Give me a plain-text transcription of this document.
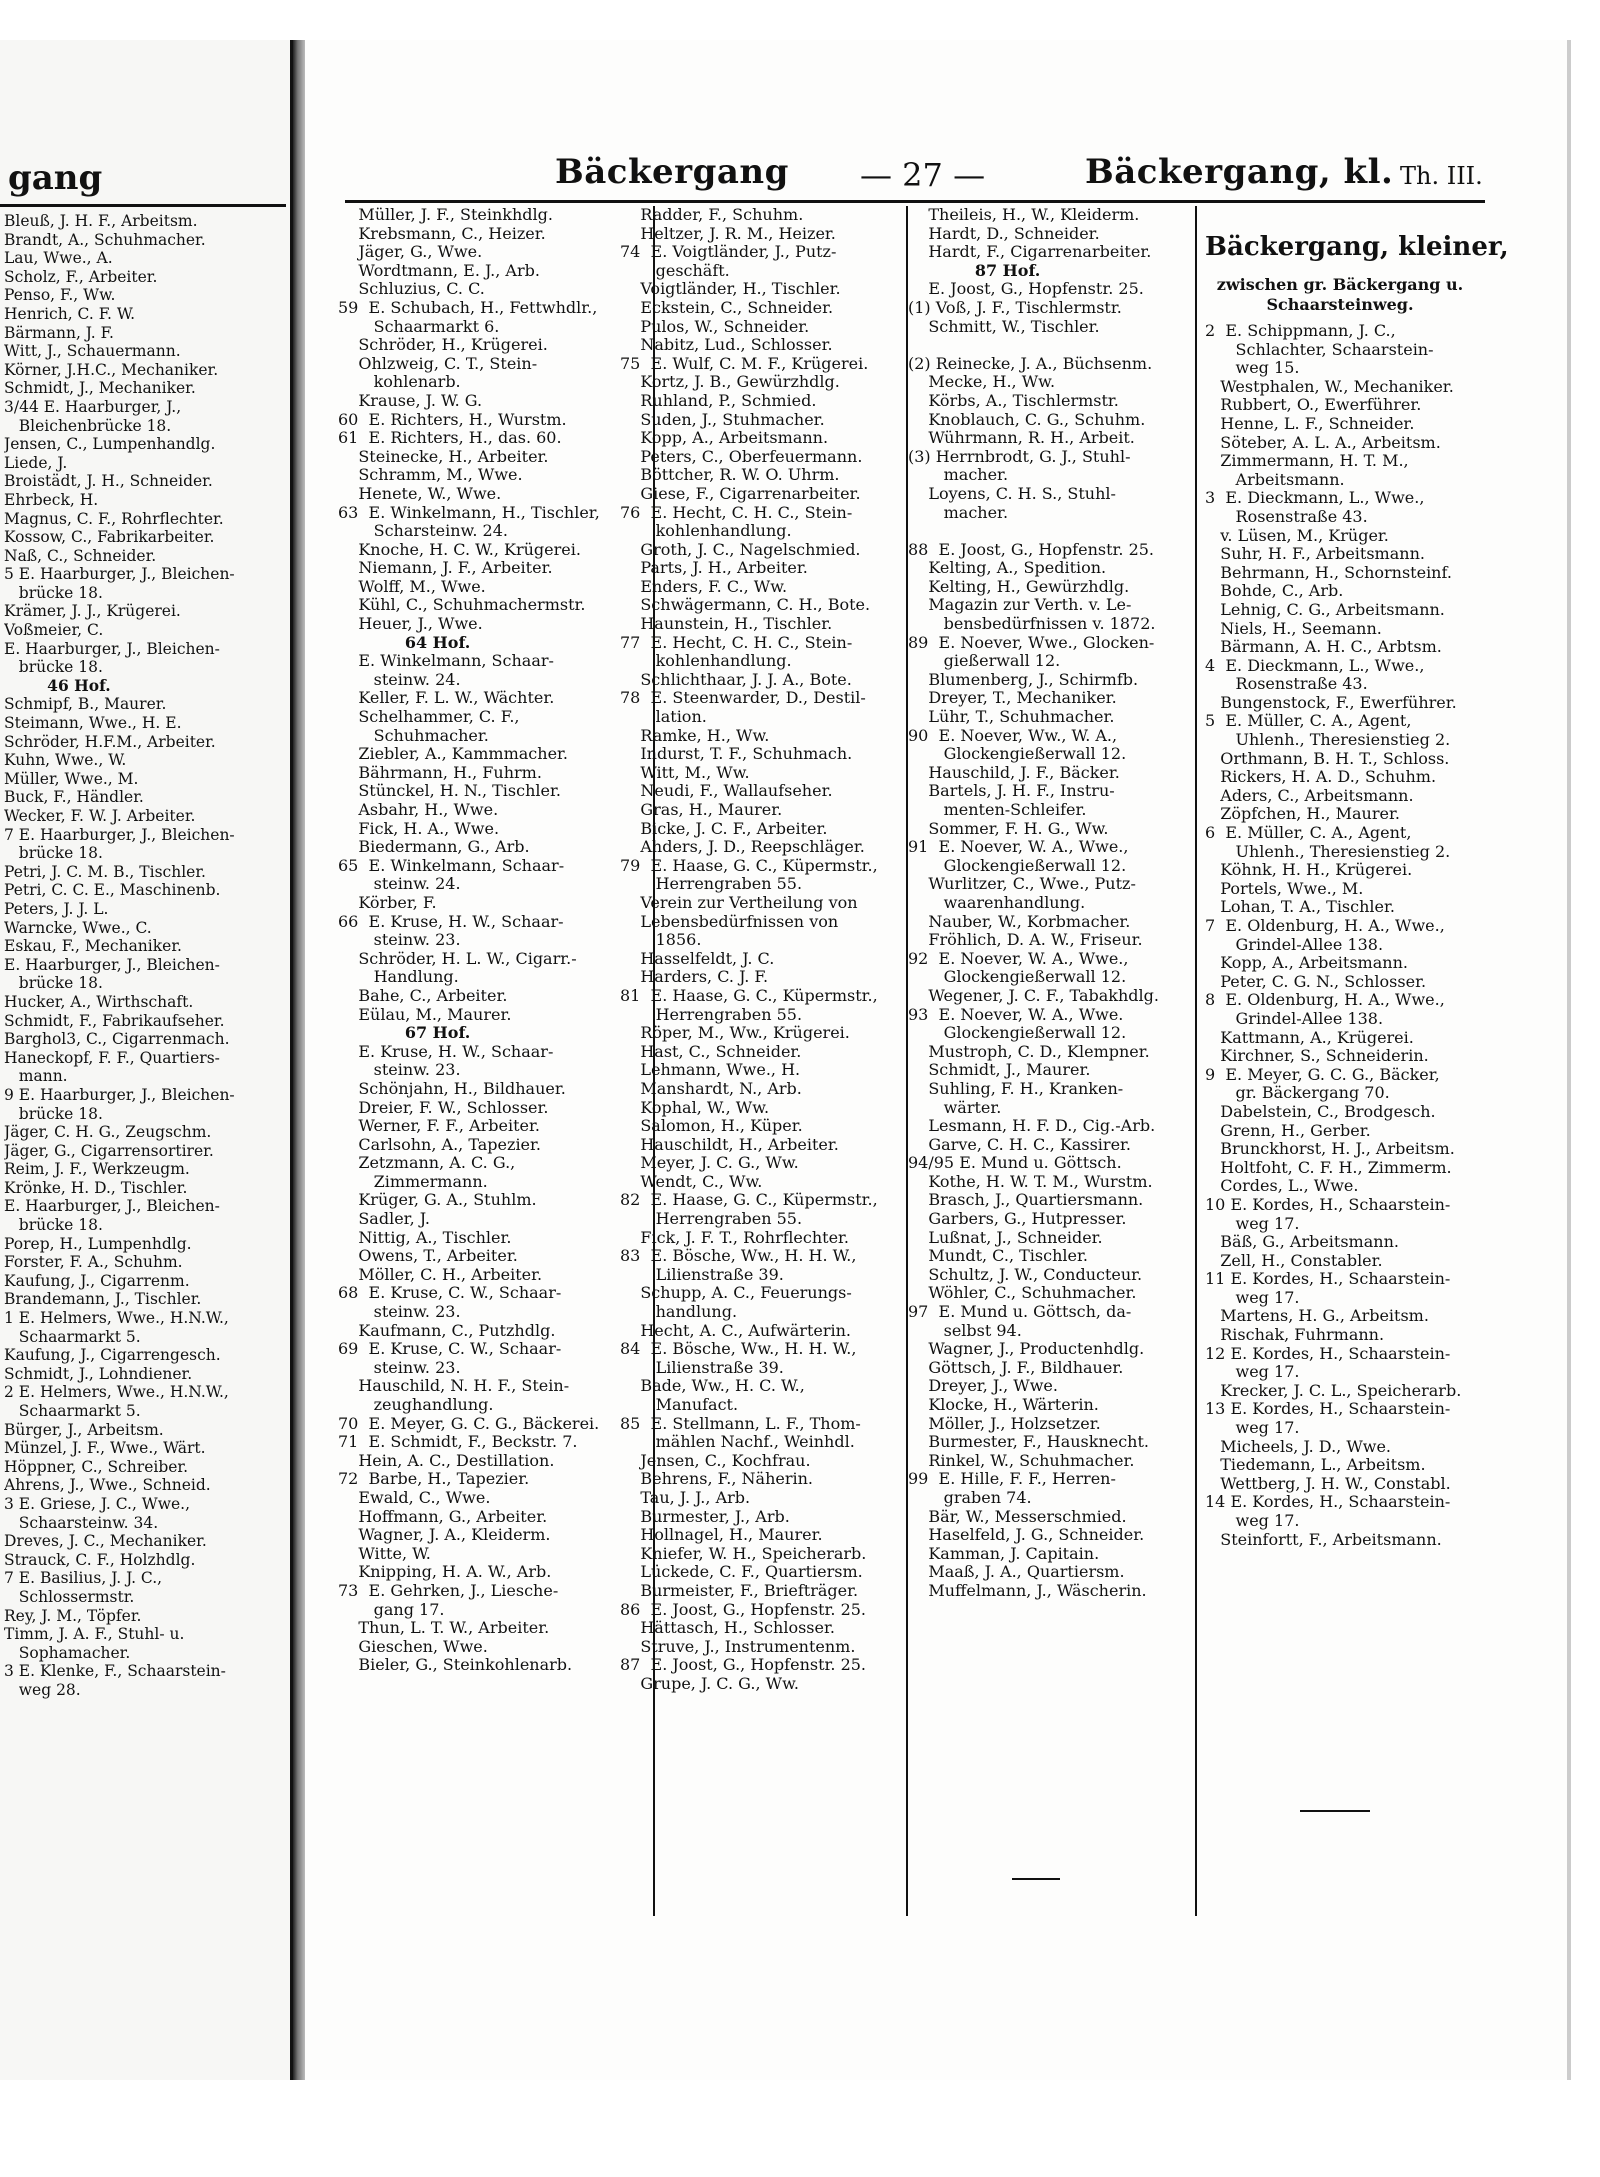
gang
Bleuß, J. H. F., Arbeitsm.
Brandt, A., Schuhmacher.
Lau, Wwe., A.
Scholz, F., Arbeiter.
Penso, F., Ww.
Henrich, C. F. W.
Bärmann, J. F.
Witt, J., Schauermann.
Körner, J.H.C., Mechaniker.
Schmidt, J., Mechaniker.
3/44 E. Haarburger, J.,
Bleichenbrücke 18.
Jensen, C., Lumpenhandlg.
Liede, J.
Broistädt, J. H., Schneider.
Ehrbeck, H.
Magnus, C. F., Rohrflechter.
Kossow, C., Fabrikarbeiter.
Naß, C., Schneider.
5 E. Haarburger, J., Bleichen-
brücke 18.
Krämer, J. J., Krügerei.
Voßmeier, C.
E. Haarburger, J., Bleichen-
brücke 18.
46 Hof.
Schmipf, B., Maurer.
Steimann, Wwe., H. E.
Schröder, H.F.M., Arbeiter.
Kuhn, Wwe., W.
Müller, Wwe., M.
Buck, F., Händler.
Wecker, F. W. J. Arbeiter.
7 E. Haarburger, J., Bleichen-
brücke 18.
Petri, J. C. M. B., Tischler.
Petri, C. C. E., Maschinenb.
Peters, J. J. L.
Warncke, Wwe., C.
Eskau, F., Mechaniker.
E. Haarburger, J., Bleichen-
brücke 18.
Hucker, A., Wirthschaft.
Schmidt, F., Fabrikaufseher.
Barghol3, C., Cigarrenmach.
Haneckopf, F. F., Quartiers-
mann.
9 E. Haarburger, J., Bleichen-
brücke 18.
Jäger, C. H. G., Zeugschm.
Jäger, G., Cigarrensortirer.
Reim, J. F., Werkzeugm.
Krönke, H. D., Tischler.
E. Haarburger, J., Bleichen-
brücke 18.
Porep, H., Lumpenhdlg.
Forster, F. A., Schuhm.
Kaufung, J., Cigarrenm.
Brandemann, J., Tischler.
1 E. Helmers, Wwe., H.N.W.,
Schaarmarkt 5.
Kaufung, J., Cigarrengesch.
Schmidt, J., Lohndiener.
2 E. Helmers, Wwe., H.N.W.,
Schaarmarkt 5.
Bürger, J., Arbeitsm.
Münzel, J. F., Wwe., Wärt.
Höppner, C., Schreiber.
Ahrens, J., Wwe., Schneid.
3 E. Griese, J. C., Wwe.,
Schaarsteinw. 34.
Dreves, J. C., Mechaniker.
Strauck, C. F., Holzhdlg.
7 E. Basilius, J. J. C.,
Schlossermstr.
Rey, J. M., Töpfer.
Timm, J. A. F., Stuhl- u.
Sophamacher.
3 E. Klenke, F., Schaarstein-
weg 28.
Bäckergang — 27 —	Bäckergang, kl. Th. III.
Müller, J. F., Steinkhdlg.
Krebsmann, C., Heizer.
Jäger, G., Wwe.
Wordtmann, E. J., Arb.
Schluzius, C. C.
59  E. Schubach, H., Fettwhdlr.,
Schaarmarkt 6.
Schröder, H., Krügerei.
Ohlzweig, C. T., Stein-
kohlenarb.
Krause, J. W. G.
60  E. Richters, H., Wurstm.
61  E. Richters, H., das. 60.
Steinecke, H., Arbeiter.
Schramm, M., Wwe.
Henete, W., Wwe.
63  E. Winkelmann, H., Tischler,
Scharsteinw. 24.
Knoche, H. C. W., Krügerei.
Niemann, J. F., Arbeiter.
Wolff, M., Wwe.
Kühl, C., Schuhmachermstr.
Heuer, J., Wwe.
64 Hof.
E. Winkelmann, Schaar-
steinw. 24.
Keller, F. L. W., Wächter.
Schelhammer, C. F.,
Schuhmacher.
Ziebler, A., Kammmacher.
Bährmann, H., Fuhrm.
Stünckel, H. N., Tischler.
Asbahr, H., Wwe.
Fick, H. A., Wwe.
Biedermann, G., Arb.
65  E. Winkelmann, Schaar-
steinw. 24.
Körber, F.
66  E. Kruse, H. W., Schaar-
steinw. 23.
Schröder, H. L. W., Cigarr.-
Handlung.
Bahe, C., Arbeiter.
Eülau, M., Maurer.
67 Hof.
E. Kruse, H. W., Schaar-
steinw. 23.
Schönjahn, H., Bildhauer.
Dreier, F. W., Schlosser.
Werner, F. F., Arbeiter.
Carlsohn, A., Tapezier.
Zetzmann, A. C. G.,
Zimmermann.
Krüger, G. A., Stuhlm.
Sadler, J.
Nittig, A., Tischler.
Owens, T., Arbeiter.
Möller, C. H., Arbeiter.
68  E. Kruse, C. W., Schaar-
steinw. 23.
Kaufmann, C., Putzhdlg.
69  E. Kruse, C. W., Schaar-
steinw. 23.
Hauschild, N. H. F., Stein-
zeughandlung.
70  E. Meyer, G. C. G., Bäckerei.
71  E. Schmidt, F., Beckstr. 7.
Hein, A. C., Destillation.
72  Barbe, H., Tapezier.
Ewald, C., Wwe.
Hoffmann, G., Arbeiter.
Wagner, J. A., Kleiderm.
Witte, W.
Knipping, H. A. W., Arb.
73  E. Gehrken, J., Liesche-
gang 17.
Thun, L. T. W., Arbeiter.
Gieschen, Wwe.
Bieler, G., Steinkohlenarb.
Radder, F., Schuhm.
Heltzer, J. R. M., Heizer.
74  E. Voigtländer, J., Putz-
geschäft.
Voigtländer, H., Tischler.
Eckstein, C., Schneider.
Pulos, W., Schneider.
Nabitz, Lud., Schlosser.
75  E. Wulf, C. M. F., Krügerei.
Kortz, J. B., Gewürzhdlg.
Ruhland, P., Schmied.
Suden, J., Stuhmacher.
Kopp, A., Arbeitsmann.
Peters, C., Oberfeuermann.
Böttcher, R. W. O. Uhrm.
Giese, F., Cigarrenarbeiter.
76  E. Hecht, C. H. C., Stein-
kohlenhandlung.
Groth, J. C., Nagelschmied.
Parts, J. H., Arbeiter.
Enders, F. C., Ww.
Schwägermann, C. H., Bote.
Haunstein, H., Tischler.
77  E. Hecht, C. H. C., Stein-
kohlenhandlung.
Schlichthaar, J. J. A., Bote.
78  E. Steenwarder, D., Destil-
lation.
Ramke, H., Ww.
Indurst, T. F., Schuhmach.
Witt, M., Ww.
Neudi, F., Wallaufseher.
Gras, H., Maurer.
Bicke, J. C. F., Arbeiter.
Ahders, J. D., Reepschläger.
79  E. Haase, G. C., Küpermstr.,
Herrengraben 55.
Verein zur Vertheilung von
Lebensbedürfnissen von
1856.
Hasselfeldt, J. C.
Harders, C. J. F.
81  E. Haase, G. C., Küpermstr.,
Herrengraben 55.
Röper, M., Ww., Krügerei.
Hast, C., Schneider.
Lehmann, Wwe., H.
Manshardt, N., Arb.
Kophal, W., Ww.
Salomon, H., Küper.
Hauschildt, H., Arbeiter.
Meyer, J. C. G., Ww.
Wendt, C., Ww.
82  E. Haase, G. C., Küpermstr.,
Herrengraben 55.
Fick, J. F. T., Rohrflechter.
83  E. Bösche, Ww., H. H. W.,
Lilienstraße 39.
Schupp, A. C., Feuerungs-
handlung.
Hecht, A. C., Aufwärterin.
84  E. Bösche, Ww., H. H. W.,
Lilienstraße 39.
Bade, Ww., H. C. W.,
Manufact.
85  E. Stellmann, L. F., Thom-
mählen Nachf., Weinhdl.
Jensen, C., Kochfrau.
Behrens, F., Näherin.
Tau, J. J., Arb.
Burmester, J., Arb.
Hollnagel, H., Maurer.
Kniefer, W. H., Speicherarb.
Lückede, C. F., Quartiersm.
Burmeister, F., Briefträger.
86  E. Joost, G., Hopfenstr. 25.
Hättasch, H., Schlosser.
Struve, J., Instrumentenm.
87  E. Joost, G., Hopfenstr. 25.
Grupe, J. C. G., Ww.
Theileis, H., W., Kleiderm.
Hardt, D., Schneider.
Hardt, F., Cigarrenarbeiter.
87 Hof.
E. Joost, G., Hopfenstr. 25.
(1) Voß, J. F., Tischlermstr.
Schmitt, W., Tischler.
(2) Reinecke, J. A., Büchsenm.
Mecke, H., Ww.
Körbs, A., Tischlermstr.
Knoblauch, C. G., Schuhm.
Wührmann, R. H., Arbeit.
(3) Herrnbrodt, G. J., Stuhl-
macher.
Loyens, C. H. S., Stuhl-
macher.
88  E. Joost, G., Hopfenstr. 25.
Kelting, A., Spedition.
Kelting, H., Gewürzhdlg.
Magazin zur Verth. v. Le-
bensbedürfnissen v. 1872.
89  E. Noever, Wwe., Glocken-
gießerwall 12.
Blumenberg, J., Schirmfb.
Dreyer, T., Mechaniker.
Lühr, T., Schuhmacher.
90  E. Noever, Ww., W. A.,
Glockengießerwall 12.
Hauschild, J. F., Bäcker.
Bartels, J. H. F., Instru-
menten-Schleifer.
Sommer, F. H. G., Ww.
91  E. Noever, W. A., Wwe.,
Glockengießerwall 12.
Wurlitzer, C., Wwe., Putz-
waarenhandlung.
Nauber, W., Korbmacher.
Fröhlich, D. A. W., Friseur.
92  E. Noever, W. A., Wwe.,
Glockengießerwall 12.
Wegener, J. C. F., Tabakhdlg.
93  E. Noever, W. A., Wwe.
Glockengießerwall 12.
Mustroph, C. D., Klempner.
Schmidt, J., Maurer.
Suhling, F. H., Kranken-
wärter.
Lesmann, H. F. D., Cig.-Arb.
Garve, C. H. C., Kassirer.
94/95 E. Mund u. Göttsch.
Kothe, H. W. T. M., Wurstm.
Brasch, J., Quartiersmann.
Garbers, G., Hutpresser.
Lußnat, J., Schneider.
Mundt, C., Tischler.
Schultz, J. W., Conducteur.
Wöhler, C., Schuhmacher.
97  E. Mund u. Göttsch, da-
selbst 94.
Wagner, J., Productenhdlg.
Göttsch, J. F., Bildhauer.
Dreyer, J., Wwe.
Klocke, H., Wärterin.
Möller, J., Holzsetzer.
Burmester, F., Hausknecht.
Rinkel, W., Schuhmacher.
99  E. Hille, F. F., Herren-
graben 74.
Bär, W., Messerschmied.
Haselfeld, J. G., Schneider.
Kamman, J. Capitain.
Maaß, J. A., Quartiersm.
Muffelmann, J., Wäscherin.
Bäckergang, kleiner,
zwischen gr. Bäckergang u.
Schaarsteinweg.
2  E. Schippmann, J. C.,
Schlachter, Schaarstein-
weg 15.
Westphalen, W., Mechaniker.
Rubbert, O., Ewerführer.
Henne, L. F., Schneider.
Söteber, A. L. A., Arbeitsm.
Zimmermann, H. T. M.,
Arbeitsmann.
3  E. Dieckmann, L., Wwe.,
Rosenstraße 43.
v. Lüsen, M., Krüger.
Suhr, H. F., Arbeitsmann.
Behrmann, H., Schornsteinf.
Bohde, C., Arb.
Lehnig, C. G., Arbeitsmann.
Niels, H., Seemann.
Bärmann, A. H. C., Arbtsm.
4  E. Dieckmann, L., Wwe.,
Rosenstraße 43.
Bungenstock, F., Ewerführer.
5  E. Müller, C. A., Agent,
Uhlenh., Theresienstieg 2.
Orthmann, B. H. T., Schloss.
Rickers, H. A. D., Schuhm.
Aders, C., Arbeitsmann.
Zöpfchen, H., Maurer.
6  E. Müller, C. A., Agent,
Uhlenh., Theresienstieg 2.
Köhnk, H. H., Krügerei.
Portels, Wwe., M.
Lohan, T. A., Tischler.
7  E. Oldenburg, H. A., Wwe.,
Grindel-Allee 138.
Kopp, A., Arbeitsmann.
Peter, C. G. N., Schlosser.
8  E. Oldenburg, H. A., Wwe.,
Grindel-Allee 138.
Kattmann, A., Krügerei.
Kirchner, S., Schneiderin.
9  E. Meyer, G. C. G., Bäcker,
gr. Bäckergang 70.
Dabelstein, C., Brodgesch.
Grenn, H., Gerber.
Brunckhorst, H. J., Arbeitsm.
Holtfoht, C. F. H., Zimmerm.
Cordes, L., Wwe.
10 E. Kordes, H., Schaarstein-
weg 17.
Bäß, G., Arbeitsmann.
Zell, H., Constabler.
11 E. Kordes, H., Schaarstein-
weg 17.
Martens, H. G., Arbeitsm.
Rischak, Fuhrmann.
12 E. Kordes, H., Schaarstein-
weg 17.
Krecker, J. C. L., Speicherarb.
13 E. Kordes, H., Schaarstein-
weg 17.
Micheels, J. D., Wwe.
Tiedemann, L., Arbeitsm.
Wettberg, J. H. W., Constabl.
14 E. Kordes, H., Schaarstein-
weg 17.
Steinfortt, F., Arbeitsmann.
